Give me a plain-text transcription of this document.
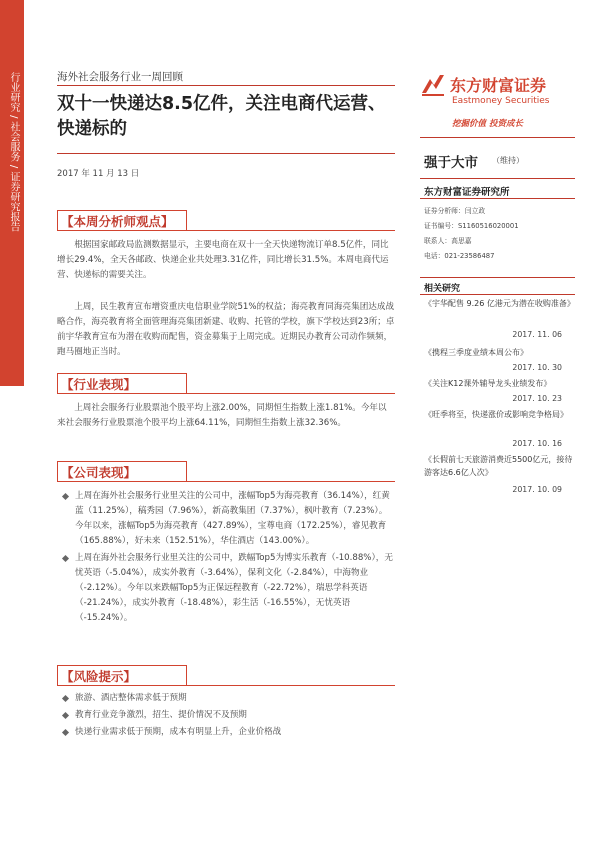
行业研究 / 社会服务 / 证券研究报告	海外社会服务行业一周回顾
双十一快递达8.5亿件，关注电商代运营、快递标的
2017 年 11 月 13 日
【本周分析师观点】
根据国家邮政局监测数据显示，主要电商在双十一全天快递物流订单8.5亿件，同比增长29.4%，全天各邮政、快递企业共处理3.31亿件，同比增长31.5%。本周电商代运营、快递标的需要关注。
上周，民生教育宣布增资重庆电信职业学院51%的权益；海亮教育同海亮集团达成战略合作，海亮教育将全面管理海亮集团新建、收购、托管的学校，旗下学校达到23所；卓前宇华教育宣布为潜在收购而配售，资金募集于上周完成。近期民办教育公司动作频频，跑马圈地正当时。
【行业表现】
上周社会服务行业股票池个股平均上涨2.00%，同期恒生指数上涨1.81%。今年以来社会服务行业股票池个股平均上涨64.11%，同期恒生指数上涨32.36%。
【公司表现】
上周在海外社会服务行业里关注的公司中，涨幅Top5为海亮教育（36.14%），红黄蓝（11.25%），稿秀园（7.96%），新高教集团（7.37%），枫叶教育（7.23%）。今年以来，涨幅Top5为海亮教育（427.89%），宝尊电商（172.25%），睿见教育（165.88%），好未来（152.51%），华住酒店（143.00%）。
上周在海外社会服务行业里关注的公司中，跌幅Top5为博实乐教育（-10.88%），无忧英语（-5.04%），成实外教育（-3.64%），保利文化（-2.84%），中海物业（-2.12%）。今年以来跌幅Top5为正保远程教育（-22.72%），瑞思学科英语（-21.24%），成实外教育（-18.48%），彩生活（-16.55%），无忧英语（-15.24%）。
【风险提示】
旅游、酒店整体需求低于预期
教育行业竞争激烈，招生、提价情况不及预期
快递行业需求低于预期，成本有明显上升，企业价格战
东方财富证券
Eastmoney Securities
挖掘价值 投资成长
强于大市 （维持）
东方财富证券研究所
证券分析师：闫立政
证书编号：S1160516020001
联系人：高思嘉
电话：021-23586487
相关研究
《宇华配售 9.26 亿港元为潜在收购准备》
2017. 11. 06
《携程三季度业绩本周公布》
2017. 10. 30
《关注K12课外辅导龙头业绩发布》
2017. 10. 23
《旺季将至，快递涨价或影响竞争格局》
2017. 10. 16
《长假前七天旅游消费近5500亿元，接待游客达6.6亿人次》
2017. 10. 09
